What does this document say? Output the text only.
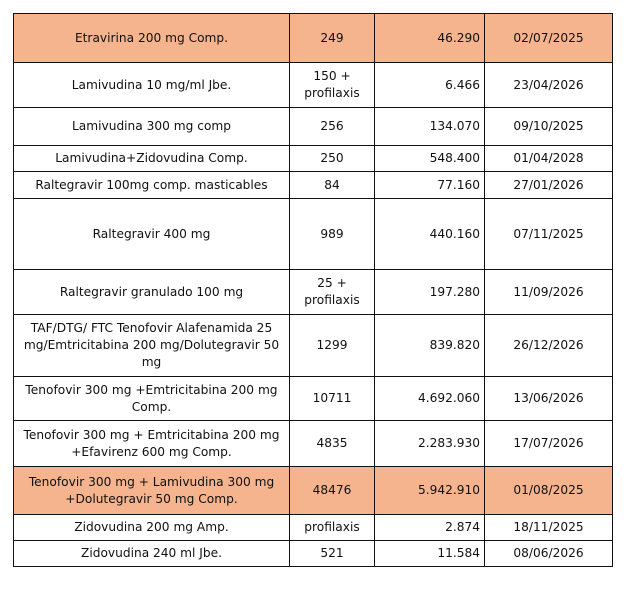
Etravirina 200 mg Comp.	249	46.290	02/07/2025
Lamivudina 10 mg/ml Jbe.	150 + profilaxis	6.466	23/04/2026
Lamivudina 300 mg comp	256	134.070	09/10/2025
Lamivudina+Zidovudina Comp.	250	548.400	01/04/2028
Raltegravir 100mg comp. masticables	84	77.160	27/01/2026
Raltegravir 400 mg	989	440.160	07/11/2025
Raltegravir granulado 100 mg	25 + profilaxis	197.280	11/09/2026
TAF/DTG/ FTC Tenofovir Alafenamida 25 mg/Emtricitabina 200 mg/Dolutegravir 50 mg	1299	839.820	26/12/2026
Tenofovir 300 mg +Emtricitabina 200 mg Comp.	10711	4.692.060	13/06/2026
Tenofovir 300 mg + Emtricitabina 200 mg +Efavirenz 600 mg Comp.	4835	2.283.930	17/07/2026
Tenofovir 300 mg + Lamivudina 300 mg +Dolutegravir 50 mg Comp.	48476	5.942.910	01/08/2025
Zidovudina 200 mg Amp.	profilaxis	2.874	18/11/2025
Zidovudina 240 ml Jbe.	521	11.584	08/06/2026
